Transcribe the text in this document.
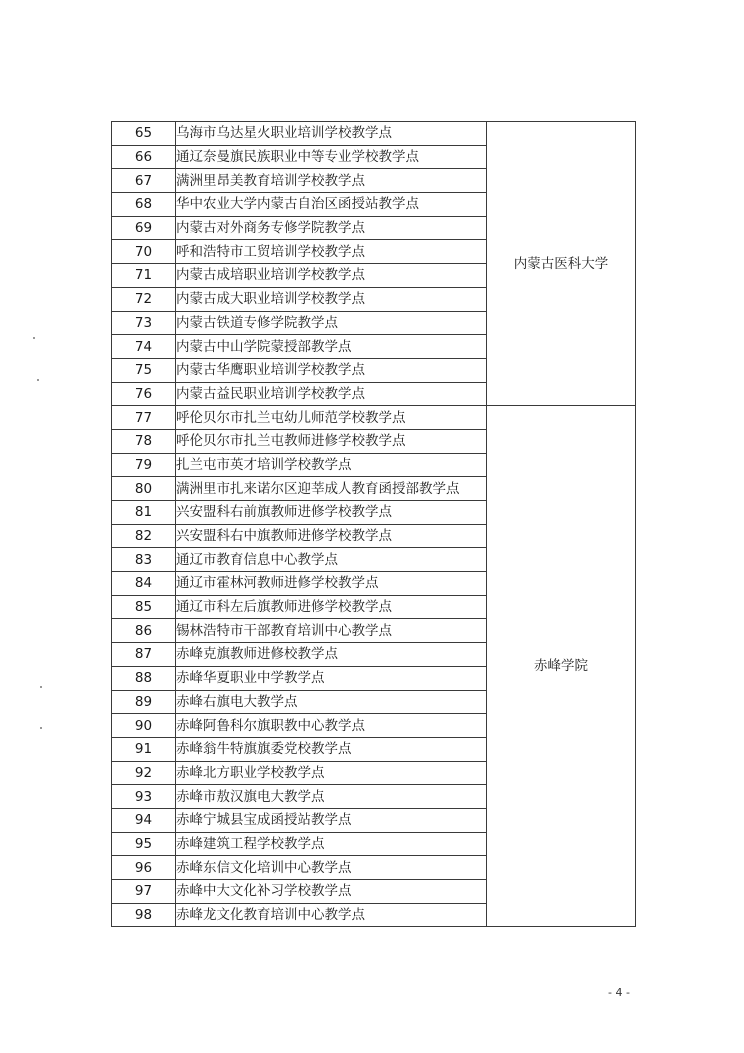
65	乌海市乌达星火职业培训学校教学点	内蒙古医科大学
66	通辽奈曼旗民族职业中等专业学校教学点	
67	满洲里昂美教育培训学校教学点	
68	华中农业大学内蒙古自治区函授站教学点	
69	内蒙古对外商务专修学院教学点	
70	呼和浩特市工贸培训学校教学点	
71	内蒙古成培职业培训学校教学点	
72	内蒙古成大职业培训学校教学点	
73	内蒙古铁道专修学院教学点	
74	内蒙古中山学院蒙授部教学点	
75	内蒙古华鹰职业培训学校教学点	
76	内蒙古益民职业培训学校教学点	
77	呼伦贝尔市扎兰屯幼儿师范学校教学点	赤峰学院
78	呼伦贝尔市扎兰屯教师进修学校教学点	
79	扎兰屯市英才培训学校教学点	
80	满洲里市扎来诺尔区迎莘成人教育函授部教学点	
81	兴安盟科右前旗教师进修学校教学点	
82	兴安盟科右中旗教师进修学校教学点	
83	通辽市教育信息中心教学点	
84	通辽市霍林河教师进修学校教学点	
85	通辽市科左后旗教师进修学校教学点	
86	锡林浩特市干部教育培训中心教学点	
87	赤峰克旗教师进修校教学点	
88	赤峰华夏职业中学教学点	
89	赤峰右旗电大教学点	
90	赤峰阿鲁科尔旗职教中心教学点	
91	赤峰翁牛特旗旗委党校教学点	
92	赤峰北方职业学校教学点	
93	赤峰市敖汉旗电大教学点	
94	赤峰宁城县宝成函授站教学点	
95	赤峰建筑工程学校教学点	
96	赤峰东信文化培训中心教学点	
97	赤峰中大文化补习学校教学点	
98	赤峰龙文化教育培训中心教学点	
- 4 -
